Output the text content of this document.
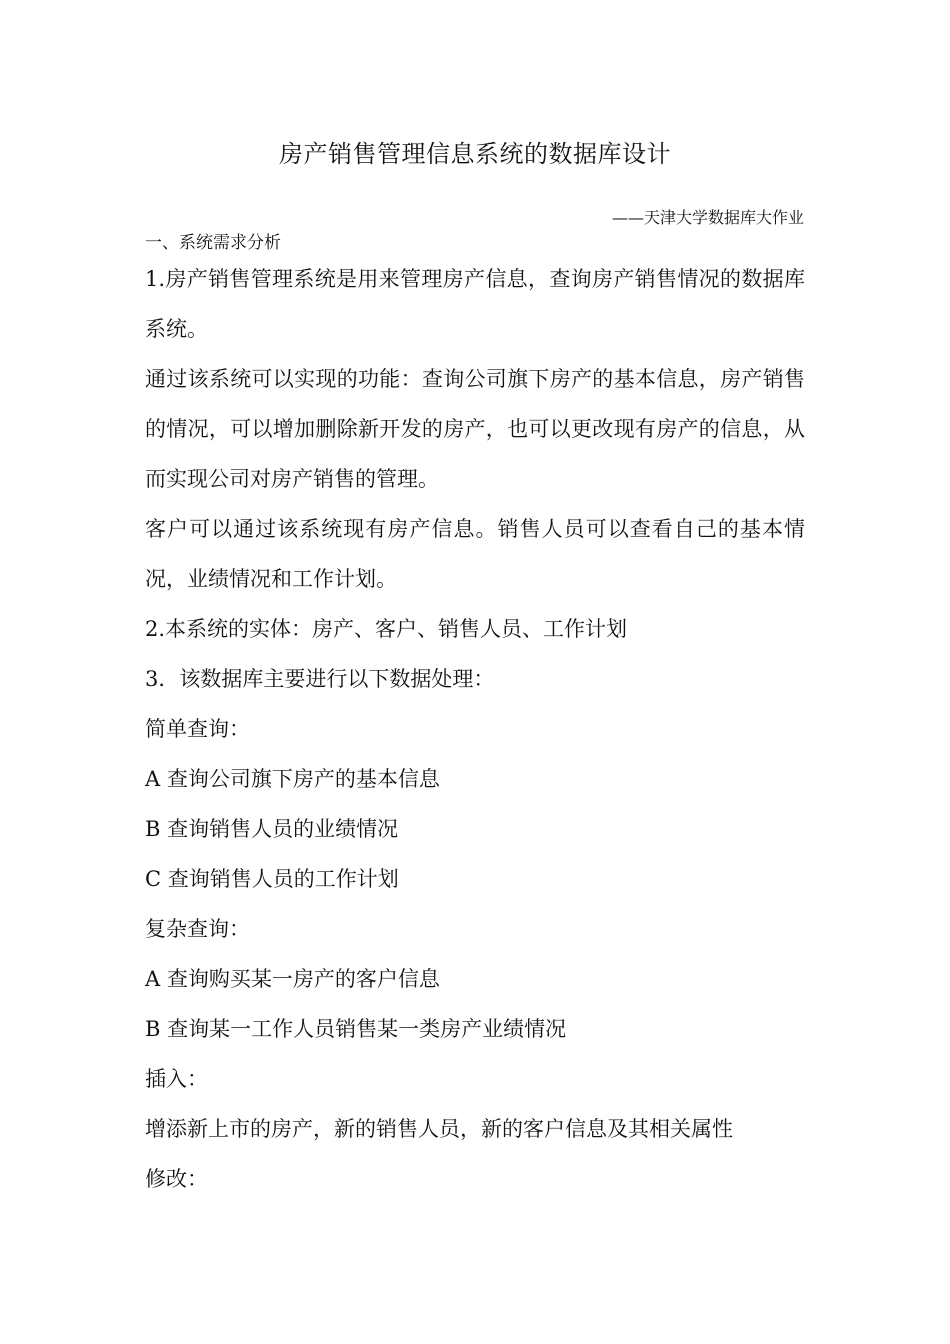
房产销售管理信息系统的数据库设计
——天津大学数据库大作业
一、系统需求分析

1.房产销售管理系统是用来管理房产信息，查询房产销售情况的数据库系统。

通过该系统可以实现的功能：查询公司旗下房产的基本信息，房产销售的情况，可以增加删除新开发的房产，也可以更改现有房产的信息，从而实现公司对房产销售的管理。

客户可以通过该系统现有房产信息。销售人员可以查看自己的基本情况，业绩情况和工作计划。

2.本系统的实体：房产、客户、销售人员、工作计划

3．该数据库主要进行以下数据处理：

简单查询：

A 查询公司旗下房产的基本信息

B 查询销售人员的业绩情况

C 查询销售人员的工作计划

复杂查询：

A 查询购买某一房产的客户信息

B 查询某一工作人员销售某一类房产业绩情况

插入：

增添新上市的房产，新的销售人员，新的客户信息及其相关属性

修改：
